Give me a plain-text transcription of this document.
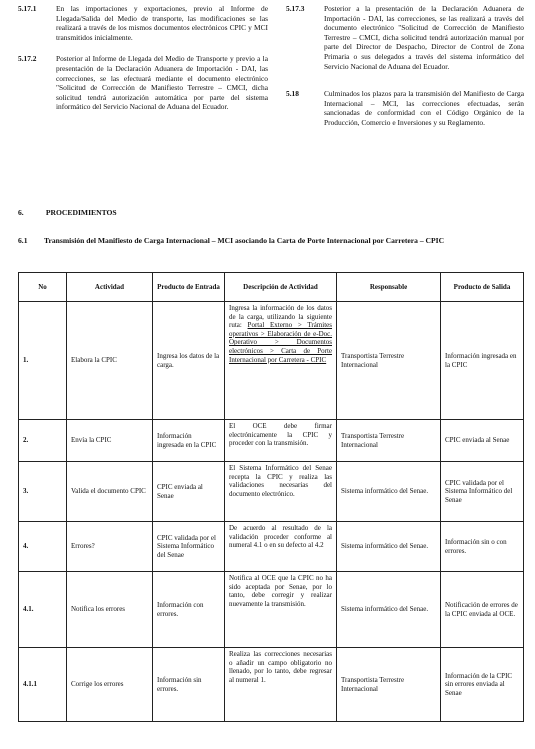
5.17.1	En las importaciones y exportaciones, previo al Informe de Llegada/Salida del Medio de transporte, las modificaciones se las realizará a través de los mismos documentos electrónicos CPIC y MCI transmitidos inicialmente.
5.17.2	Posterior al Informe de Llegada del Medio de Transporte y previo a la presentación de la Declaración Aduanera de Importación - DAI, las correcciones, se las efectuará mediante el documento electrónico "Solicitud de Corrección de Manifiesto Terrestre – CMCI, dicha solicitud tendrá autorización automática por parte del sistema informático del Servicio Nacional de Aduana del Ecuador.
5.17.3	Posterior a la presentación de la Declaración Aduanera de Importación - DAI, las correcciones, se las realizará a través del documento electrónico "Solicitud de Corrección de Manifiesto Terrestre – CMCI, dicha solicitud tendrá autorización manual por parte del Director de Despacho, Director de Control de Zona Primaria o sus delegados a través del sistema informático del Servicio Nacional de Aduana del Ecuador.
5.18	Culminados los plazos para la transmisión del Manifiesto de Carga Internacional – MCI, las correcciones efectuadas, serán sancionadas de conformidad con el Código Orgánico de la Producción, Comercio e Inversiones y su Reglamento.
6.	PROCEDIMIENTOS
6.1	Transmisión del Manifiesto de Carga Internacional – MCI asociando la Carta de Porte Internacional por Carretera – CPIC
No	Actividad	Producto de Entrada	Descripción de Actividad	Responsable	Producto de Salida
1.	Elabora la CPIC	Ingresa los datos de la carga.	Ingresa la información de los datos de la carga, utilizando la siguiente ruta: Portal Externo > Trámites operativos > Elaboración de e-Doc. Operativo > Documentos electrónicos > Carta de Porte Internacional por Carretera - CPIC	Transportista Terrestre Internacional	Información ingresada en la CPIC
2.	Envía la CPIC	Información ingresada en la CPIC	El OCE debe firmar electrónicamente la CPIC y proceder con la transmisión.	Transportista Terrestre Internacional	CPIC enviada al Senae
3.	Valida el documento CPIC	CPIC enviada al Senae	El Sistema Informático del Senae recepta la CPIC y realiza las validaciones necesarias del documento electrónico.	Sistema informático del Senae.	CPIC validada por el Sistema Informático del Senae
4.	Errores?	CPIC validada por el Sistema Informático del Senae	De acuerdo al resultado de la validación proceder conforme al numeral 4.1 o en su defecto al 4.2	Sistema informático del Senae.	Información sin o con errores.
4.1.	Notifica los errores	Información con errores.	Notifica al OCE que la CPIC no ha sido aceptada por Senae, por lo tanto, debe corregir y realizar nuevamente la transmisión.	Sistema informático del Senae.	Notificación de errores de la CPIC enviada al OCE.
4.1.1	Corrige los errores	Información sin errores.	Realiza las correcciones necesarias o añadir un campo obligatorio no llenado, por lo tanto, debe regresar al numeral 1.	Transportista Terrestre Internacional	Información de la CPIC sin errores enviada al Senae
